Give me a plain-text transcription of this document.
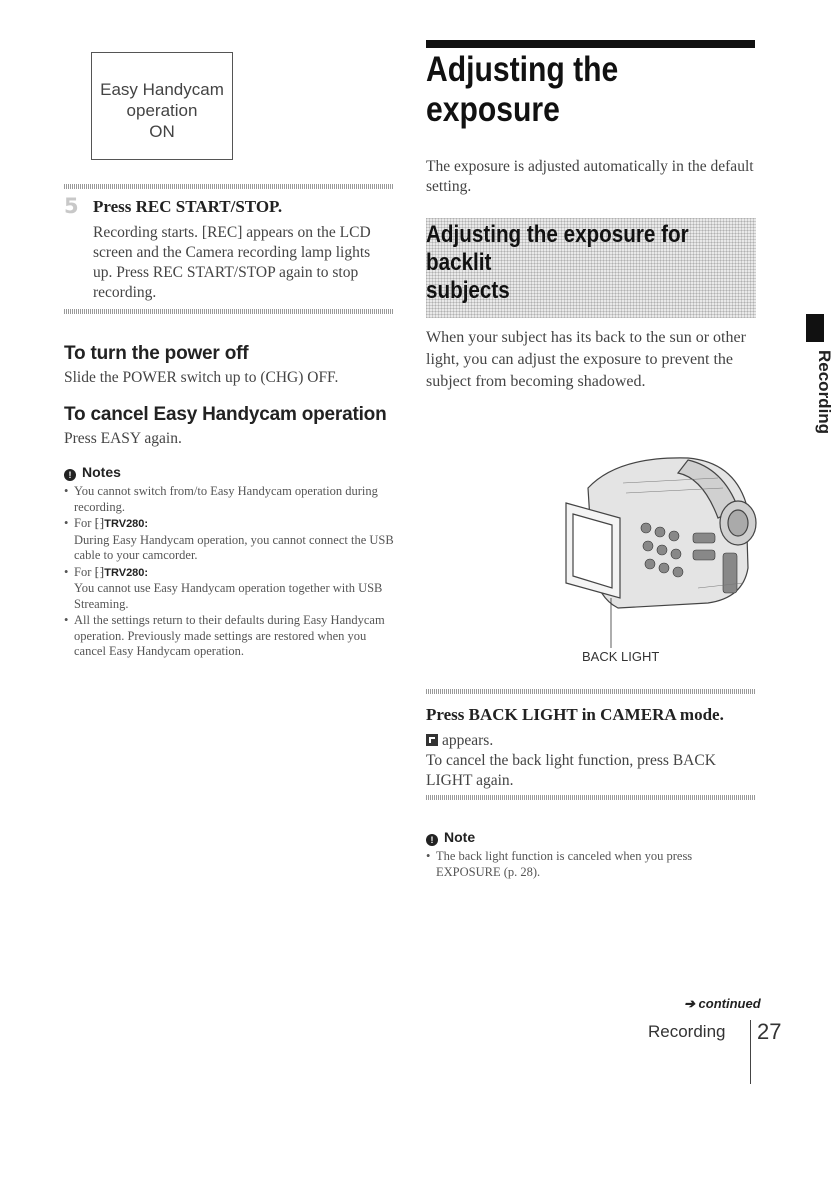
Easy Handycam
operation
ON
5 Press REC START/STOP.
Recording starts. [REC] appears on the LCD screen and the Camera recording lamp lights up. Press REC START/STOP again to stop recording.
To turn the power off
Slide the POWER switch up to (CHG) OFF.
To cancel Easy Handycam operation
Press EASY again.
! Notes
• You cannot switch from/to Easy Handycam operation during recording.
• For ⁅⁆TRV280:
During Easy Handycam operation, you cannot connect the USB cable to your camcorder.
• For ⁅⁆TRV280:
You cannot use Easy Handycam operation together with USB Streaming.
• All the settings return to their defaults during Easy Handycam operation. Previously made settings are restored when you cancel Easy Handycam operation.
Adjusting the
exposure
The exposure is adjusted automatically in the default setting.
Adjusting the exposure for backlit
subjects
When your subject has its back to the sun or other light, you can adjust the exposure to prevent the subject from becoming shadowed.
BACK LIGHT
Press BACK LIGHT in CAMERA mode.
appears.
To cancel the back light function, press BACK LIGHT again.
! Note
• The back light function is canceled when you press EXPOSURE (p. 28).
Recording
➔ continued
Recording 27
